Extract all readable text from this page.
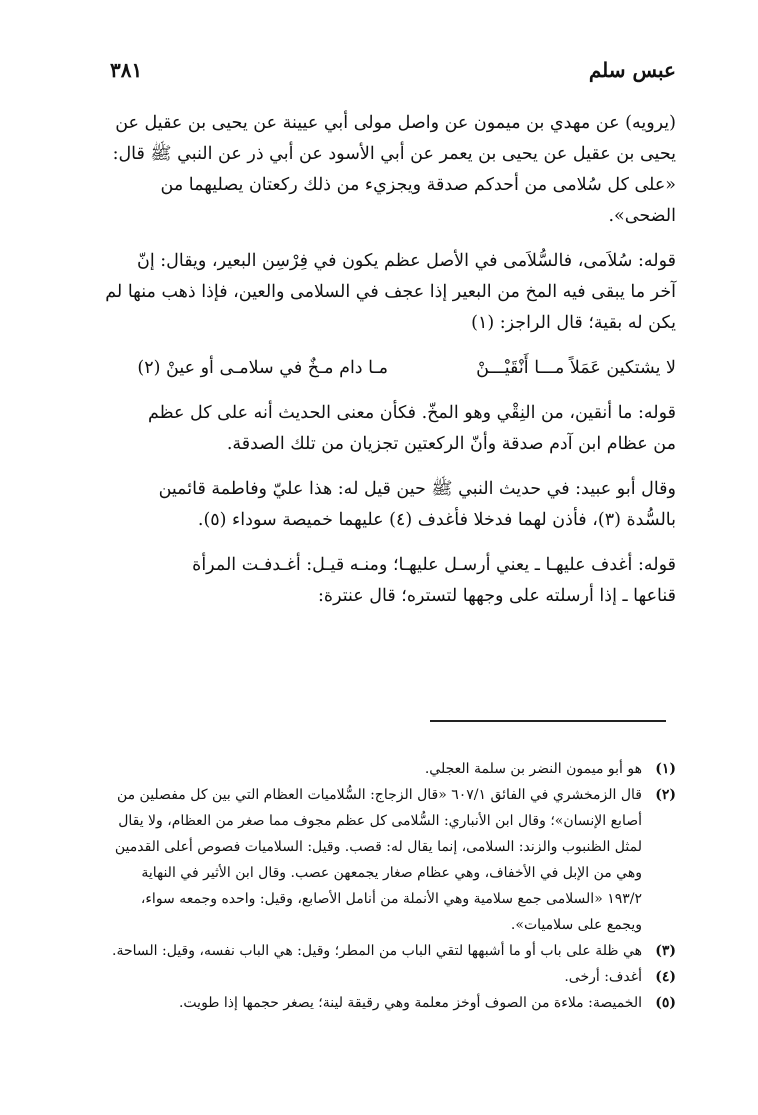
عبس سلم
٣٨١

(يرويه) عن مهدي بن ميمون عن واصل مولى أبي عيينة عن يحيى بن عقيل عن
يحيى بن عقيل عن يحيى بن يعمر عن أبي الأسود عن أبي ذر عن النبي ﷺ قال:
«على كل سُلامى من أحدكم صدقة ويجزيء من ذلك ركعتان يصليهما من
الضحى».

قوله: سُلاَمى، فالسُّلاَمى في الأصل عظم يكون في فِرْسِن البعير، ويقال: إنّ
آخر ما يبقى فيه المخ من البعير إذا عجف في السلامى والعين، فإذا ذهب منها لم
يكن له بقية؛ قال الراجز: (١)

لا يشتكين عَمَلاً مـــا أَنْقَيْـــنْمـا دام مـخٌ في سلامـى أو عينْ (٢)

قوله: ما أنقين، من النِقْي وهو المخّ. فكأن معنى الحديث أنه على كل عظم
من عظام ابن آدم صدقة وأنّ الركعتين تجزيان من تلك الصدقة.

وقال أبو عبيد: في حديث النبي ﷺ حين قيل له: هذا عليّ وفاطمة قائمين
بالسُّدة (٣)، فأذن لهما فدخلا فأغدف (٤) عليهما خميصة سوداء (٥).

قوله: أغدف عليهـا ـ يعني أرسـل عليهـا؛ ومنـه قيـل: أغـدفـت المرأة
قناعها ـ إذا أرسلته على وجهها لتستره؛ قال عنترة:

(١)
هو أبو ميمون النضر بن سلمة العجلي.
(٢)
قال الزمخشري في الفائق ٦٠٧/١ «قال الزجاج: السُّلاميات العظام التي بين كل مفصلين من
أصابع الإنسان»؛ وقال ابن الأنباري: السُّلامى كل عظم مجوف مما صغر من العظام، ولا يقال
لمثل الظنبوب والزند: السلامى، إنما يقال له: قصب. وقيل: السلاميات فصوص أعلى القدمين
وهي من الإبل في الأخفاف، وهي عظام صغار يجمعهن عصب. وقال ابن الأثير في النهاية
١٩٣/٢ «السلامى جمع سلامية وهي الأنملة من أنامل الأصابع، وقيل: واحده وجمعه سواء،
ويجمع على سلاميات».
(٣)
هي ظلة على باب أو ما أشبهها لتقي الباب من المطر؛ وقيل: هي الباب نفسه، وقيل: الساحة.
(٤)
أغدف: أرخى.
(٥)
الخميصة: ملاءة من الصوف أوخز معلمة وهي رقيقة لينة؛ يصغر حجمها إذا طويت.
